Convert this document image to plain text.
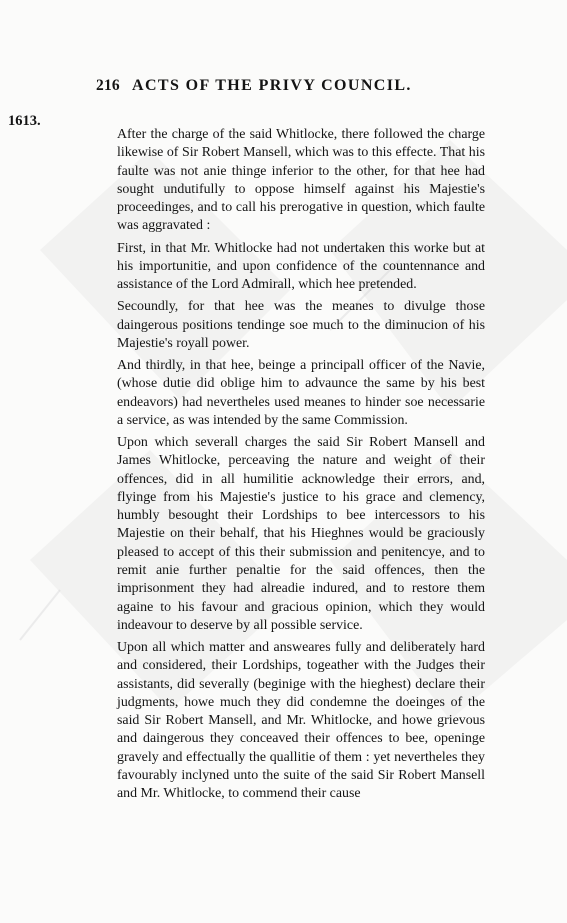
216 ACTS OF THE PRIVY COUNCIL.
1613.

After the charge of the said Whitlocke, there followed the charge likewise of Sir Robert Mansell, which was to this effecte. That his faulte was not anie thinge inferior to the other, for that hee had sought undutifully to oppose himself against his Majestie's proceedinges, and to call his prerogative in question, which faulte was aggravated :

First, in that Mr. Whitlocke had not undertaken this worke but at his importunitie, and upon confidence of the countennance and assistance of the Lord Admirall, which hee pretended.

Secoundly, for that hee was the meanes to divulge those daingerous positions tendinge soe much to the diminucion of his Majestie's royall power.

And thirdly, in that hee, beinge a principall officer of the Navie, (whose dutie did oblige him to advaunce the same by his best endeavors) had nevertheles used meanes to hinder soe necessarie a service, as was intended by the same Commission.

Upon which severall charges the said Sir Robert Mansell and James Whitlocke, perceaving the nature and weight of their offences, did in all humilitie acknowledge their errors, and, flyinge from his Majestie's justice to his grace and clemency, humbly besought their Lordships to bee intercessors to his Majestie on their behalf, that his Hieghnes would be graciously pleased to accept of this their submission and penitencye, and to remit anie further penaltie for the said offences, then the imprisonment they had alreadie indured, and to restore them againe to his favour and gracious opinion, which they would indeavour to deserve by all possible service.

Upon all which matter and answeares fully and deliberately hard and considered, their Lordships, togeather with the Judges their assistants, did severally (beginige with the hieghest) declare their judgments, howe much they did condemne the doeinges of the said Sir Robert Mansell, and Mr. Whitlocke, and howe grievous and daingerous they conceaved their offences to bee, openinge gravely and effectually the quallitie of them : yet nevertheles they favourably inclyned unto the suite of the said Sir Robert Mansell and Mr. Whitlocke, to commend their cause
